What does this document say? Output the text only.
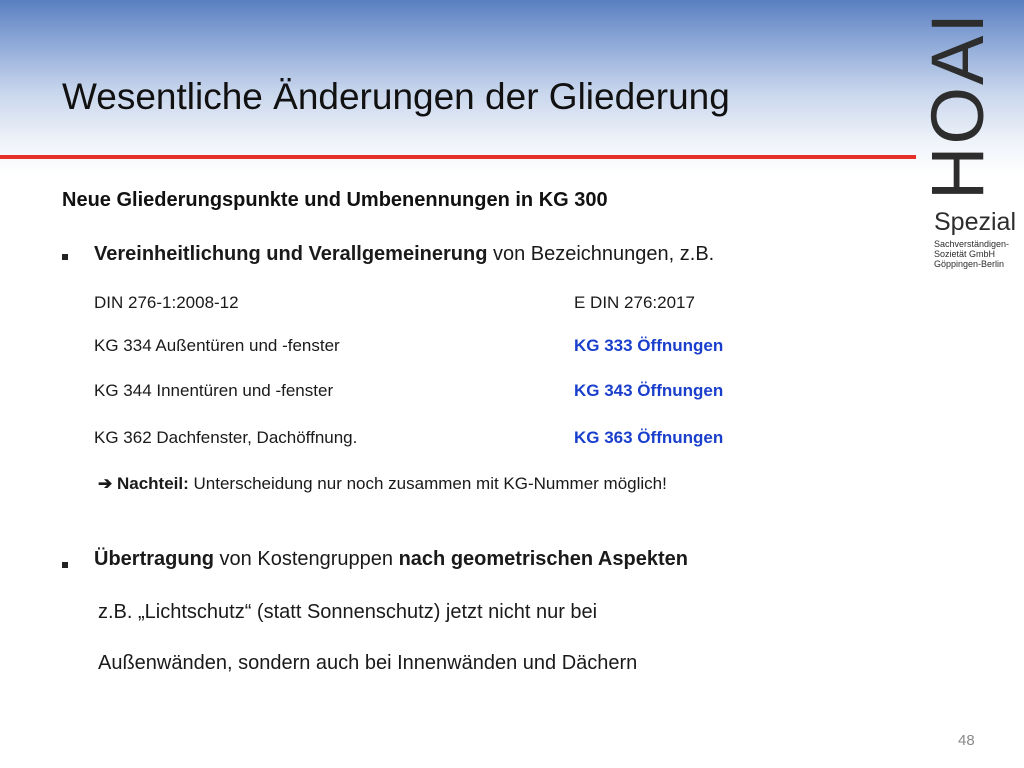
Wesentliche Änderungen der Gliederung	HOAI
Spezial
Sachverständigen-
Sozietät GmbH
Göppingen-Berlin
Neue Gliederungspunkte und Umbenennungen in KG 300
Vereinheitlichung und Verallgemeinerung von Bezeichnungen, z.B.
DIN 276-1:2008-12	E DIN 276:2017
KG 334 Außentüren und -fenster	KG 333 Öffnungen
KG 344 Innentüren und -fenster	KG 343 Öffnungen
KG 362 Dachfenster, Dachöffnung.	KG 363 Öffnungen
➔ Nachteil: Unterscheidung nur noch zusammen mit KG-Nummer möglich!
Übertragung von Kostengruppen nach geometrischen Aspekten
z.B. „Lichtschutz“ (statt Sonnenschutz) jetzt nicht nur bei
Außenwänden, sondern auch bei Innenwänden und Dächern
48
